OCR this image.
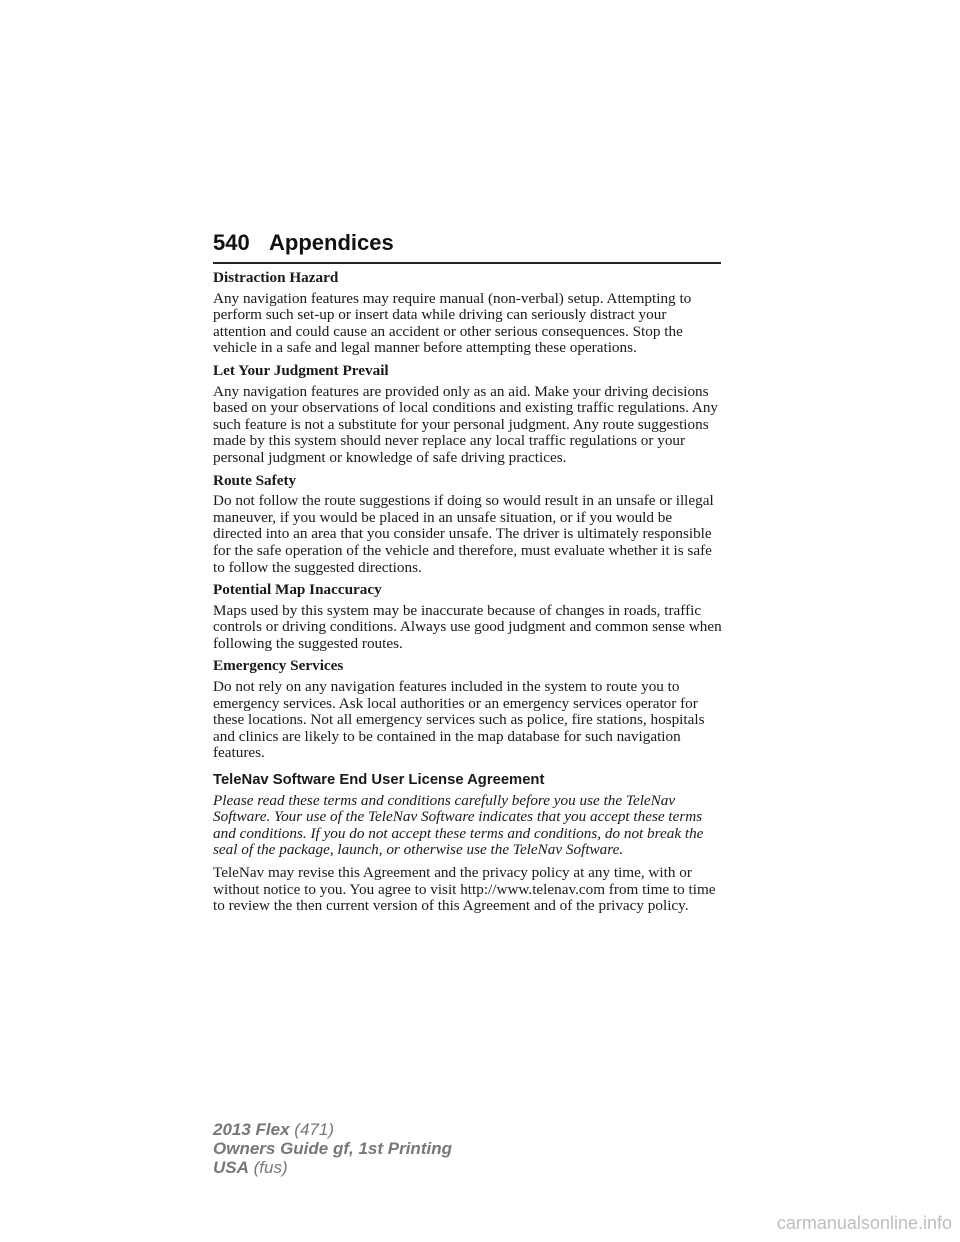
540 Appendices
Distraction Hazard
Any navigation features may require manual (non-verbal) setup. Attempting to perform such set-up or insert data while driving can seriously distract your attention and could cause an accident or other serious consequences. Stop the vehicle in a safe and legal manner before attempting these operations.
Let Your Judgment Prevail
Any navigation features are provided only as an aid. Make your driving decisions based on your observations of local conditions and existing traffic regulations. Any such feature is not a substitute for your personal judgment. Any route suggestions made by this system should never replace any local traffic regulations or your personal judgment or knowledge of safe driving practices.
Route Safety
Do not follow the route suggestions if doing so would result in an unsafe or illegal maneuver, if you would be placed in an unsafe situation, or if you would be directed into an area that you consider unsafe. The driver is ultimately responsible for the safe operation of the vehicle and therefore, must evaluate whether it is safe to follow the suggested directions.
Potential Map Inaccuracy
Maps used by this system may be inaccurate because of changes in roads, traffic controls or driving conditions. Always use good judgment and common sense when following the suggested routes.
Emergency Services
Do not rely on any navigation features included in the system to route you to emergency services. Ask local authorities or an emergency services operator for these locations. Not all emergency services such as police, fire stations, hospitals and clinics are likely to be contained in the map database for such navigation features.
TeleNav Software End User License Agreement
Please read these terms and conditions carefully before you use the TeleNav Software. Your use of the TeleNav Software indicates that you accept these terms and conditions. If you do not accept these terms and conditions, do not break the seal of the package, launch, or otherwise use the TeleNav Software.
TeleNav may revise this Agreement and the privacy policy at any time, with or without notice to you. You agree to visit http://www.telenav.com from time to time to review the then current version of this Agreement and of the privacy policy.
2013 Flex (471)
Owners Guide gf, 1st Printing
USA (fus)
carmanualsonline.info
